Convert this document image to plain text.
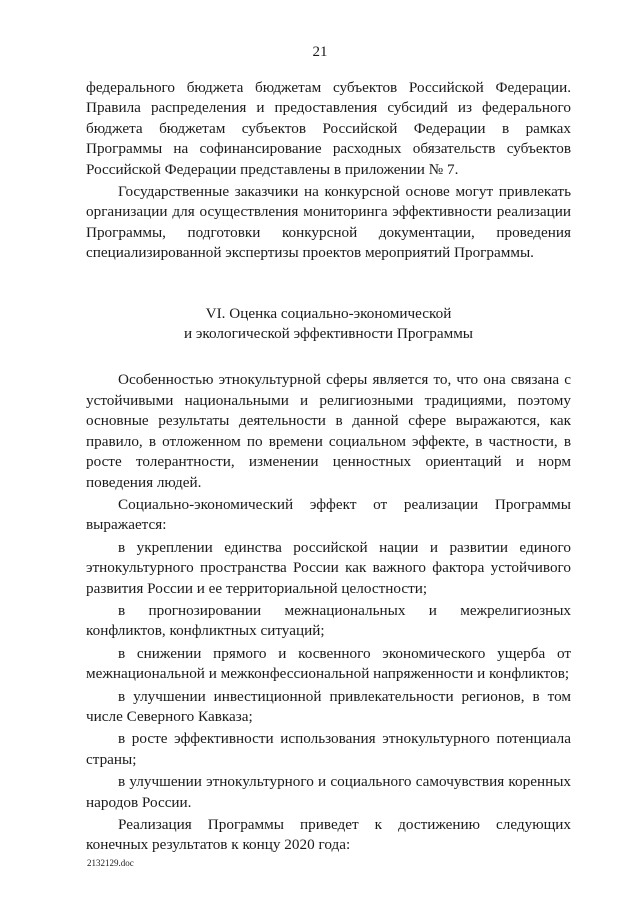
21

федерального бюджета бюджетам субъектов Российской Федерации. Правила распределения и предоставления субсидий из федерального бюджета бюджетам субъектов Российской Федерации в рамках Программы на софинансирование расходных обязательств субъектов Российской Федерации представлены в приложении № 7.

Государственные заказчики на конкурсной основе могут привлекать организации для осуществления мониторинга эффективности реализации Программы, подготовки конкурсной документации, проведения специализированной экспертизы проектов мероприятий Программы.

VI. Оценка социально-экономической
и экологической эффективности Программы

Особенностью этнокультурной сферы является то, что она связана с устойчивыми национальными и религиозными традициями, поэтому основные результаты деятельности в данной сфере выражаются, как правило, в отложенном по времени социальном эффекте, в частности, в росте толерантности, изменении ценностных ориентаций и норм поведения людей.

Социально-экономический эффект от реализации Программы выражается:

в укреплении единства российской нации и развитии единого этнокультурного пространства России как важного фактора устойчивого развития России и ее территориальной целостности;

в прогнозировании межнациональных и межрелигиозных конфликтов, конфликтных ситуаций;

в снижении прямого и косвенного экономического ущерба от межнациональной и межконфессиональной напряженности и конфликтов;

в улучшении инвестиционной привлекательности регионов, в том числе Северного Кавказа;

в росте эффективности использования этнокультурного потенциала страны;

в улучшении этнокультурного и социального самочувствия коренных народов России.

Реализация Программы приведет к достижению следующих конечных результатов к концу 2020 года:

2132129.doc
